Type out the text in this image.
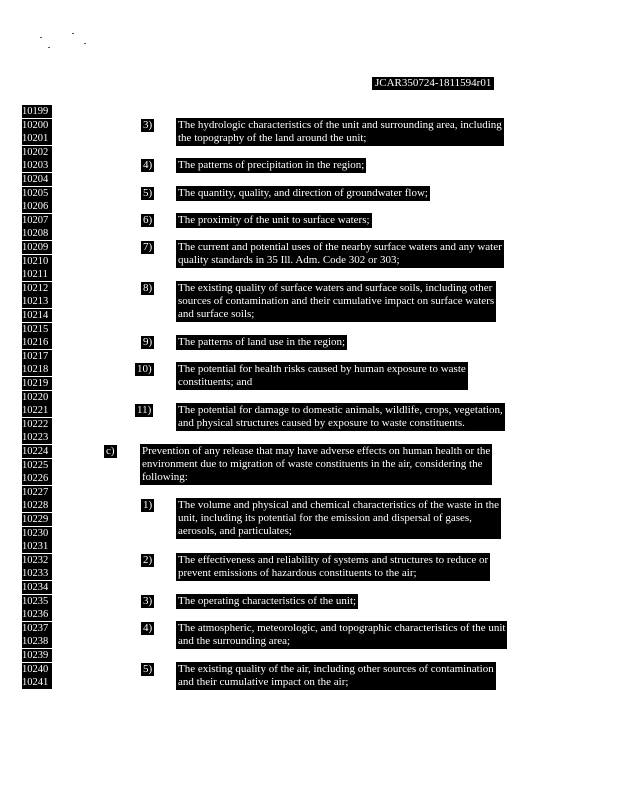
JCAR350724-1811594r01
10199
10200
10201
10202
10203
10204
10205
10206
10207
10208
10209
10210
10211
10212
10213
10214
10215
10216
10217
10218
10219
10220
10221
10222
10223
10224
10225
10226
10227
10228
10229
10230
10231
10232
10233
10234
10235
10236
10237
10238
10239
10240
10241
3) The hydrologic characteristics of the unit and surrounding area, including
the topography of the land around the unit;
4) The patterns of precipitation in the region;
5) The quantity, quality, and direction of groundwater flow;
6) The proximity of the unit to surface waters;
7) The current and potential uses of the nearby surface waters and any water
quality standards in 35 Ill. Adm. Code 302 or 303;
8) The existing quality of surface waters and surface soils, including other
sources of contamination and their cumulative impact on surface waters
and surface soils;
9) The patterns of land use in the region;
10) The potential for health risks caused by human exposure to waste
constituents; and
11) The potential for damage to domestic animals, wildlife, crops, vegetation,
and physical structures caused by exposure to waste constituents.
c) Prevention of any release that may have adverse effects on human health or the
environment due to migration of waste constituents in the air, considering the
following:
1) The volume and physical and chemical characteristics of the waste in the
unit, including its potential for the emission and dispersal of gases,
aerosols, and particulates;
2) The effectiveness and reliability of systems and structures to reduce or
prevent emissions of hazardous constituents to the air;
3) The operating characteristics of the unit;
4) The atmospheric, meteorologic, and topographic characteristics of the unit
and the surrounding area;
5) The existing quality of the air, including other sources of contamination
and their cumulative impact on the air;
